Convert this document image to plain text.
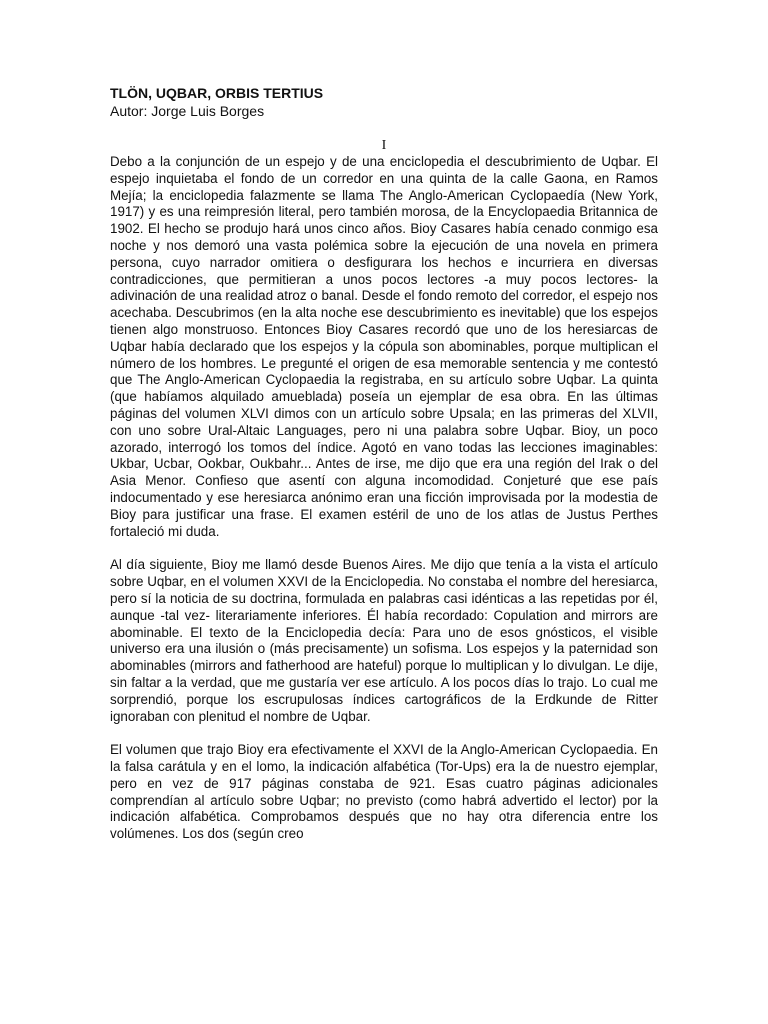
TLÖN, UQBAR, ORBIS TERTIUS

Autor: Jorge Luis Borges

I

Debo a la conjunción de un espejo y de una enciclopedia el descubrimiento de Uqbar. El espejo inquietaba el fondo de un corredor en una quinta de la calle Gaona, en Ramos Mejía; la enciclopedia falazmente se llama The Anglo-American Cyclopaedía (New York, 1917) y es una reimpresión literal, pero también morosa, de la Encyclopaedia Britannica de 1902. El hecho se produjo hará unos cinco años. Bioy Casares había cenado conmigo esa noche y nos demoró una vasta polémica sobre la ejecución de una novela en primera persona, cuyo narrador omitiera o desfigurara los hechos e incurriera en diversas contradicciones, que permitieran a unos pocos lectores -a muy pocos lectores- la adivinación de una realidad atroz o banal. Desde el fondo remoto del corredor, el espejo nos acechaba. Descubrimos (en la alta noche ese descubrimiento es inevitable) que los espejos tienen algo monstruoso. Entonces Bioy Casares recordó que uno de los heresiarcas de Uqbar había declarado que los espejos y la cópula son abominables, porque multiplican el número de los hombres. Le pregunté el origen de esa memorable sentencia y me contestó que The Anglo-American Cyclopaedia la registraba, en su artículo sobre Uqbar. La quinta (que habíamos alquilado amueblada) poseía un ejemplar de esa obra. En las últimas páginas del volumen XLVI dimos con un artículo sobre Upsala; en las primeras del XLVII, con uno sobre Ural-Altaic Languages, pero ni una palabra sobre Uqbar. Bioy, un poco azorado, interrogó los tomos del índice. Agotó en vano todas las lecciones imaginables: Ukbar, Ucbar, Ookbar, Oukbahr... Antes de irse, me dijo que era una región del Irak o del Asia Menor. Confieso que asentí con alguna incomodidad. Conjeturé que ese país indocumentado y ese heresiarca anónimo eran una ficción improvisada por la modestia de Bioy para justificar una frase. El examen estéril de uno de los atlas de Justus Perthes fortaleció mi duda.

Al día siguiente, Bioy me llamó desde Buenos Aires. Me dijo que tenía a la vista el artículo sobre Uqbar, en el volumen XXVI de la Enciclopedia. No constaba el nombre del heresiarca, pero sí la noticia de su doctrina, formulada en palabras casi idénticas a las repetidas por él, aunque -tal vez- literariamente inferiores. Él había recordado: Copulation and mirrors are abominable. El texto de la Enciclopedia decía: Para uno de esos gnósticos, el visible universo era una ilusión o (más precisamente) un sofisma. Los espejos y la paternidad son abominables (mirrors and fatherhood are hateful) porque lo multiplican y lo divulgan. Le dije, sin faltar a la verdad, que me gustaría ver ese artículo. A los pocos días lo trajo. Lo cual me sorprendió, porque los escrupulosas índices cartográficos de la Erdkunde de Ritter ignoraban con plenitud el nombre de Uqbar.

El volumen que trajo Bioy era efectivamente el XXVI de la Anglo-American Cyclopaedia. En la falsa carátula y en el lomo, la indicación alfabética (Tor-Ups) era la de nuestro ejemplar, pero en vez de 917 páginas constaba de 921. Esas cuatro páginas adicionales comprendían al artículo sobre Uqbar; no previsto (como habrá advertido el lector) por la indicación alfabética. Comprobamos después que no hay otra diferencia entre los volúmenes. Los dos (según creo
